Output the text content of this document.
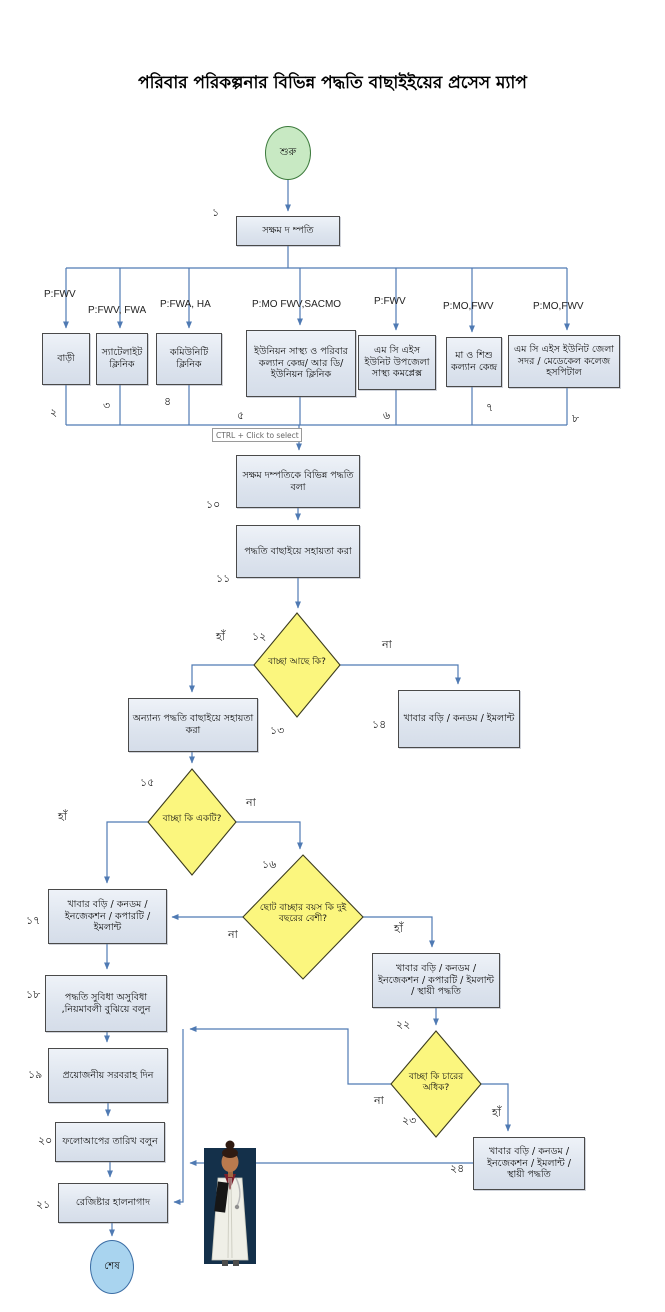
পরিবার পরিকল্পনার বিভিন্ন পদ্ধতি বাছাইইয়ের প্রসেস ম্যাপ
শুরু
১
সক্ষম দ ম্পতি
P:FWV
P:FWV, FWA
P:FWA, HA	P:MO FWV,SACMO	P:FWV	P:MO,FWV	P:MO,FWV
বাড়ী
স্যাটেলাইট ক্লিনিক
কমিউনিটি ক্লিনিক
ইউনিয়ন সাস্থ্য ও পরিবার কল্যান কেন্দ্র/ আর ডি/ ইউনিয়ন ক্লিনিক
এম সি এইস ইউনিট উপজেলা সাস্থ্য কমপ্লেক্স
মা ও শিশু কল্যান কেন্দ্র
এম সি এইস ইউনিট জেলা সদর / মেডেকেল কলেজ হসপিটাল
২
৩	৪
৫	৬
৭
৮
CTRL + Click to select
সক্ষম দম্পতিকে বিভিন্ন পদ্ধতি বলা
১০
পদ্ধতি বাছাইয়ে সহায়তা করা
১১
বাচ্ছা আছে কি?
১২
হাঁ
না
অন্যান্য পদ্ধতি বাছাইয়ে সহায়তা করা	১৩
খাবার বড়ি / কনডম / ইমলান্ট
১৪
বাচ্ছা কি একটি?
১৫
হাঁ
না
ছোট বাচ্ছার বয়স কি দুই বছরের বেশী?
১৬
না	হাঁ
খাবার বড়ি / কনডম / ইনজেকশন / কপারটি / ইমলান্ট
১৭
খাবার বড়ি / কনডম / ইনজেকশন / কপারটি / ইমলান্ট / স্থায়ী পদ্ধতি
২২
পদ্ধতি সুবিধা অসুবিধা ,নিয়মাবলী বুঝিয়ে বলুন
১৮
প্রয়োজনীয় সরবরাহ দিন
১৯	বাচ্ছা কি চারের অধিক?
২৩
না
হাঁ
ফলোআপের তারিখ বলুন
২০
খাবার বড়ি / কনডম / ইনজেকশন / ইমলান্ট / স্থায়ী পদ্ধতি
২৪
রেজিষ্টার হালনাগাদ
২১
শেষ
